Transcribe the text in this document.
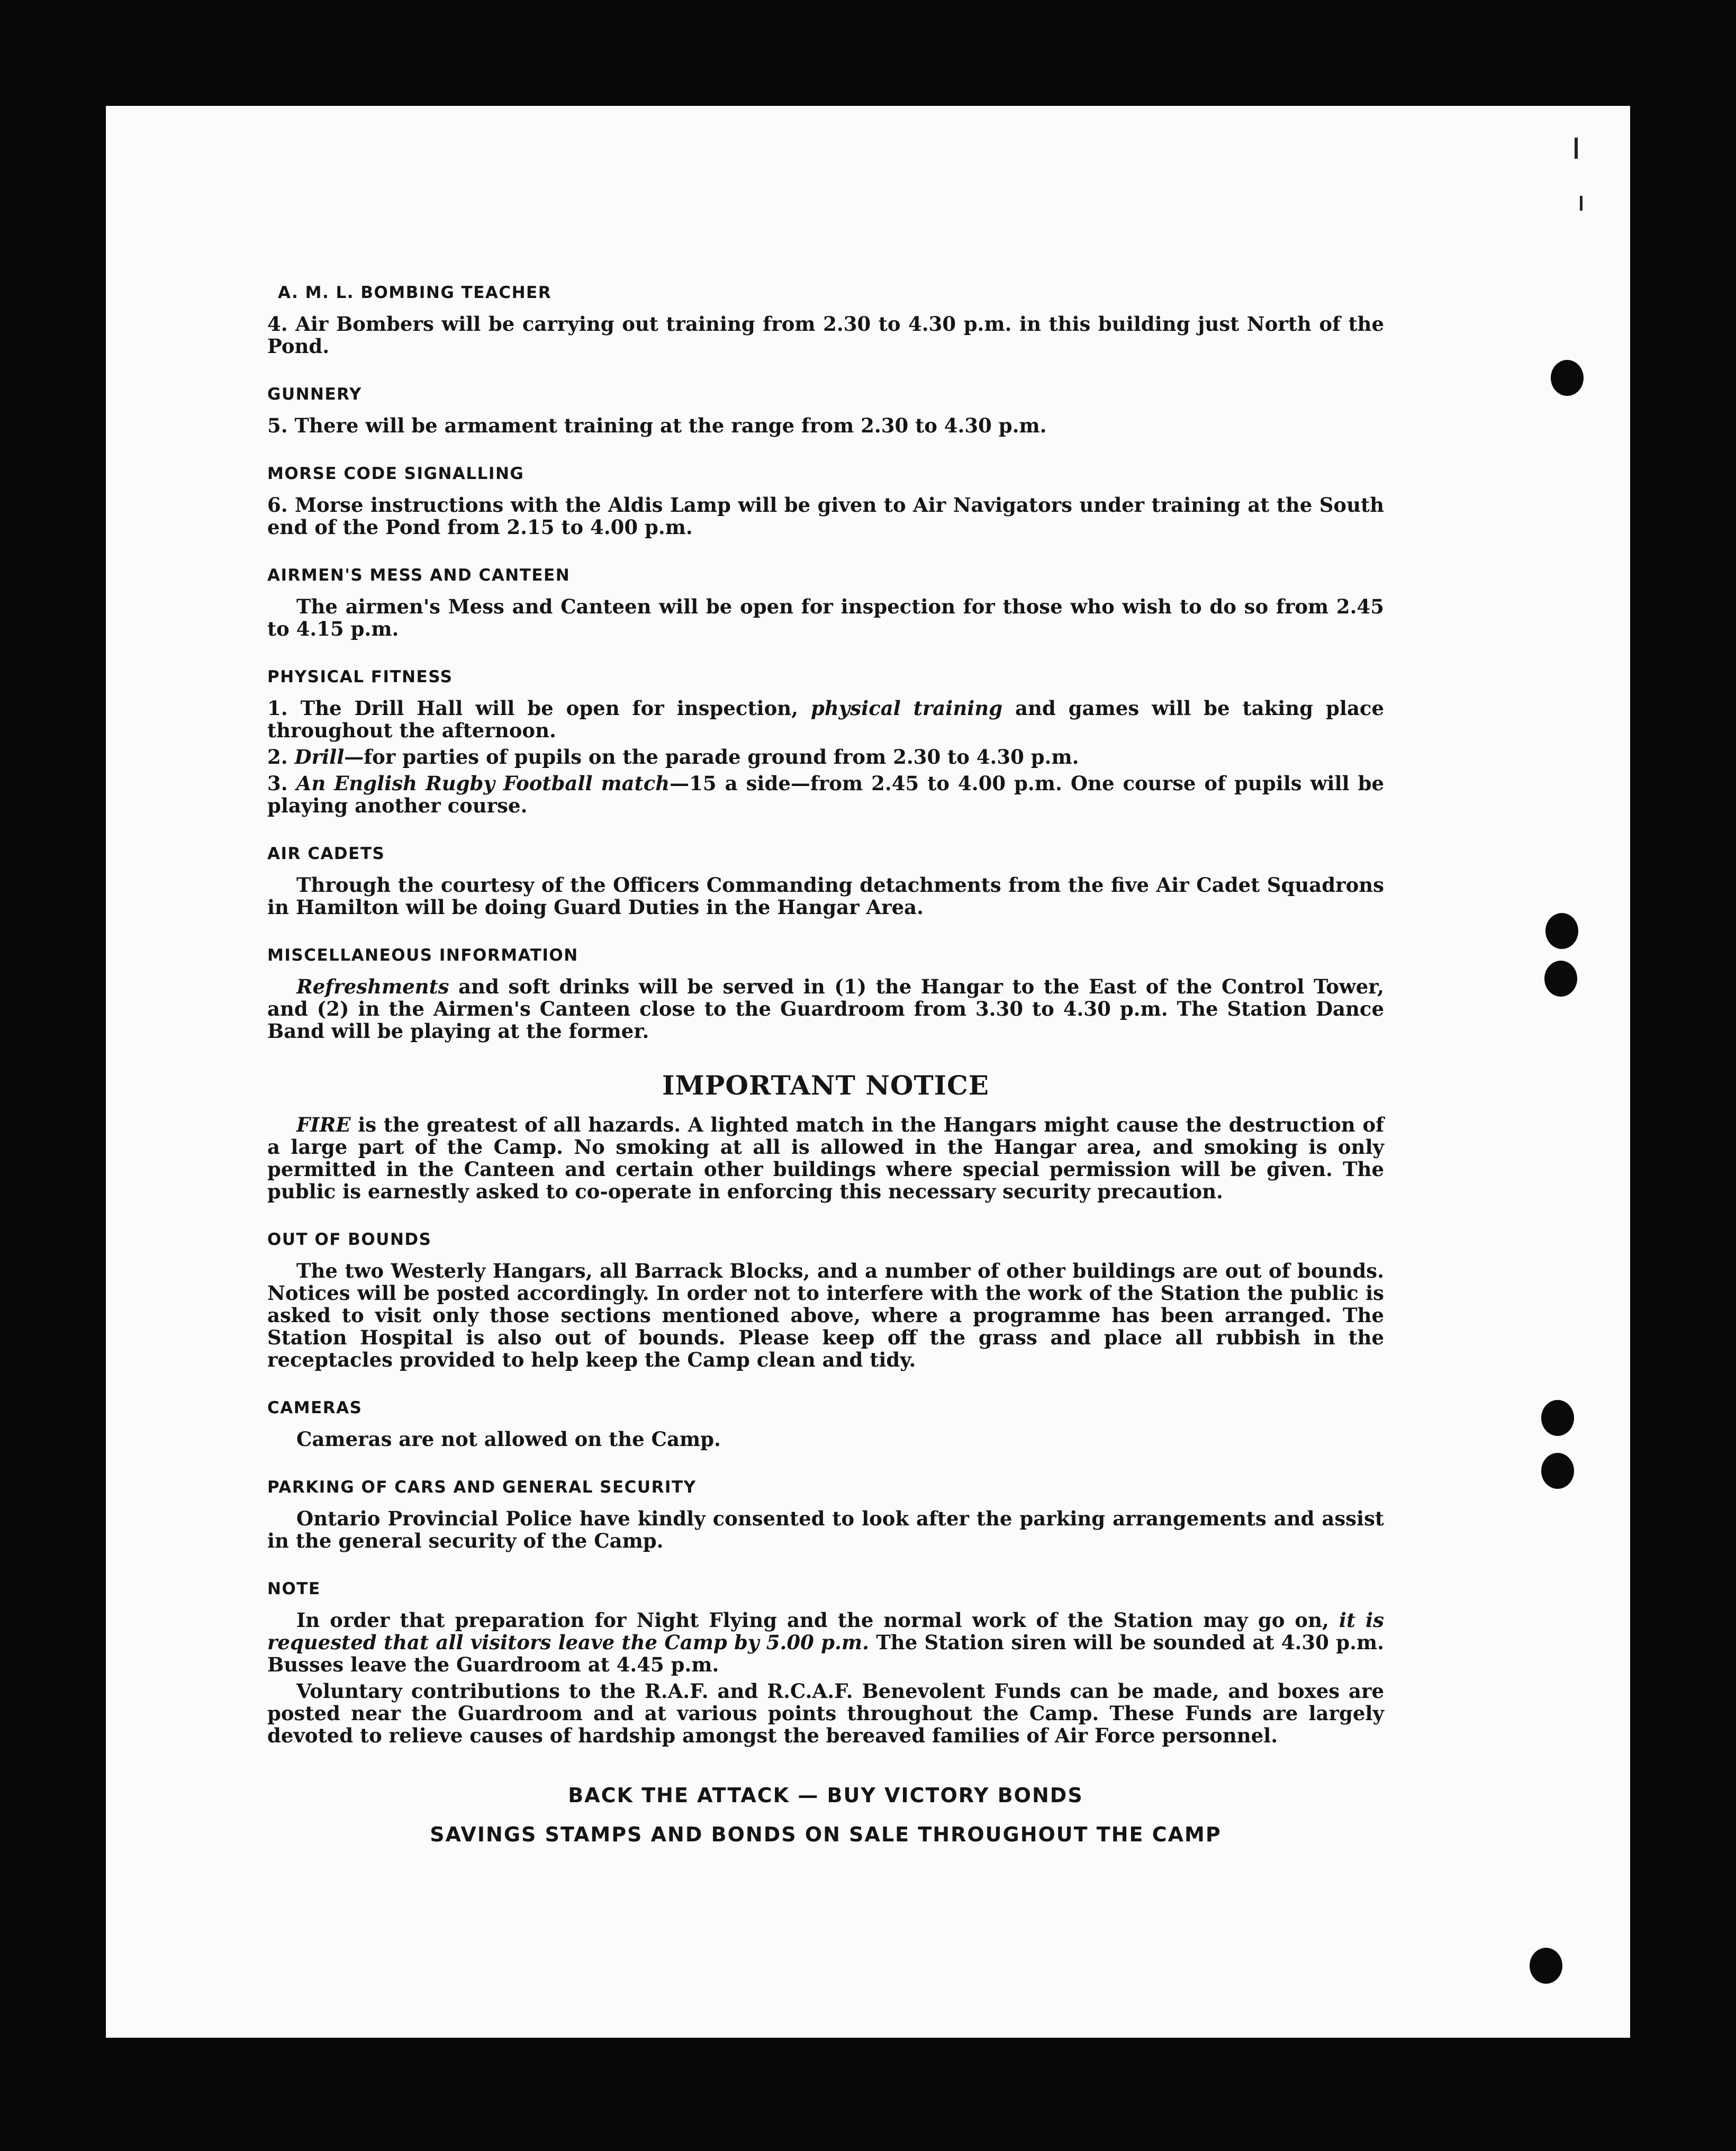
A. M. L. BOMBING TEACHER
4. Air Bombers will be carrying out training from 2.30 to 4.30 p.m. in this building just North of the Pond.
GUNNERY
5. There will be armament training at the range from 2.30 to 4.30 p.m.
MORSE CODE SIGNALLING
6. Morse instructions with the Aldis Lamp will be given to Air Navigators under training at the South end of the Pond from 2.15 to 4.00 p.m.
AIRMEN'S MESS AND CANTEEN
The airmen's Mess and Canteen will be open for inspection for those who wish to do so from 2.45 to 4.15 p.m.
PHYSICAL FITNESS
1. The Drill Hall will be open for inspection, physical training and games will be taking place throughout the afternoon.
2. Drill—for parties of pupils on the parade ground from 2.30 to 4.30 p.m.
3. An English Rugby Football match—15 a side—from 2.45 to 4.00 p.m. One course of pupils will be playing another course.
AIR CADETS
Through the courtesy of the Officers Commanding detachments from the five Air Cadet Squadrons in Hamilton will be doing Guard Duties in the Hangar Area.
MISCELLANEOUS INFORMATION
Refreshments and soft drinks will be served in (1) the Hangar to the East of the Control Tower, and (2) in the Airmen's Canteen close to the Guardroom from 3.30 to 4.30 p.m. The Station Dance Band will be playing at the former.
IMPORTANT NOTICE
FIRE is the greatest of all hazards. A lighted match in the Hangars might cause the destruction of a large part of the Camp. No smoking at all is allowed in the Hangar area, and smoking is only permitted in the Canteen and certain other buildings where special permission will be given. The public is earnestly asked to co-operate in enforcing this necessary security precaution.
OUT OF BOUNDS
The two Westerly Hangars, all Barrack Blocks, and a number of other buildings are out of bounds. Notices will be posted accordingly. In order not to interfere with the work of the Station the public is asked to visit only those sections mentioned above, where a programme has been arranged. The Station Hospital is also out of bounds. Please keep off the grass and place all rubbish in the receptacles provided to help keep the Camp clean and tidy.
CAMERAS
Cameras are not allowed on the Camp.
PARKING OF CARS AND GENERAL SECURITY
Ontario Provincial Police have kindly consented to look after the parking arrangements and assist in the general security of the Camp.
NOTE
In order that preparation for Night Flying and the normal work of the Station may go on, it is requested that all visitors leave the Camp by 5.00 p.m. The Station siren will be sounded at 4.30 p.m. Busses leave the Guardroom at 4.45 p.m.
Voluntary contributions to the R.A.F. and R.C.A.F. Benevolent Funds can be made, and boxes are posted near the Guardroom and at various points throughout the Camp. These Funds are largely devoted to relieve causes of hardship amongst the bereaved families of Air Force personnel.
BACK THE ATTACK — BUY VICTORY BONDS
SAVINGS STAMPS AND BONDS ON SALE THROUGHOUT THE CAMP
